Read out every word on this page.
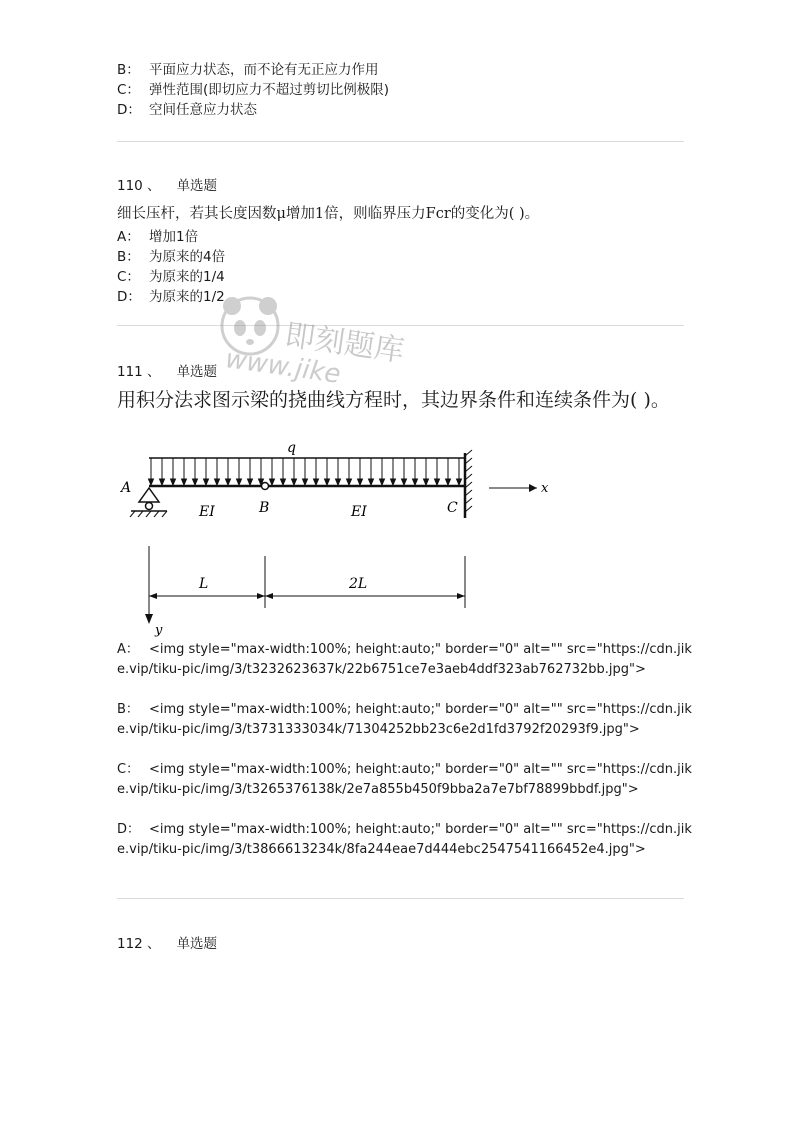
B： 平面应力状态，而不论有无正应力作用
C： 弹性范围(即切应力不超过剪切比例极限)
D： 空间任意应力状态
110 、 单选题
细长压杆，若其长度因数μ增加1倍，则临界压力Fcr的变化为( )。
A： 增加1倍
B： 为原来的4倍
C： 为原来的1/4
D： 为原来的1/2
即刻题库
www.jike
111 、 单选题
用积分法求图示梁的挠曲线方程时，其边界条件和连续条件为( )。
q
A
B	C
EI	EI
L	2L
x
y
A： <img style="max-width:100%; height:auto;" border="0" alt="" src="https://cdn.jike.vip/tiku-pic/img/3/t3232623637k/22b6751ce7e3aeb4ddf323ab762732bb.jpg">
B： <img style="max-width:100%; height:auto;" border="0" alt="" src="https://cdn.jike.vip/tiku-pic/img/3/t3731333034k/71304252bb23c6e2d1fd3792f20293f9.jpg">
C： <img style="max-width:100%; height:auto;" border="0" alt="" src="https://cdn.jike.vip/tiku-pic/img/3/t3265376138k/2e7a855b450f9bba2a7e7bf78899bbdf.jpg">
D： <img style="max-width:100%; height:auto;" border="0" alt="" src="https://cdn.jike.vip/tiku-pic/img/3/t3866613234k/8fa244eae7d444ebc2547541166452e4.jpg">
112 、 单选题
